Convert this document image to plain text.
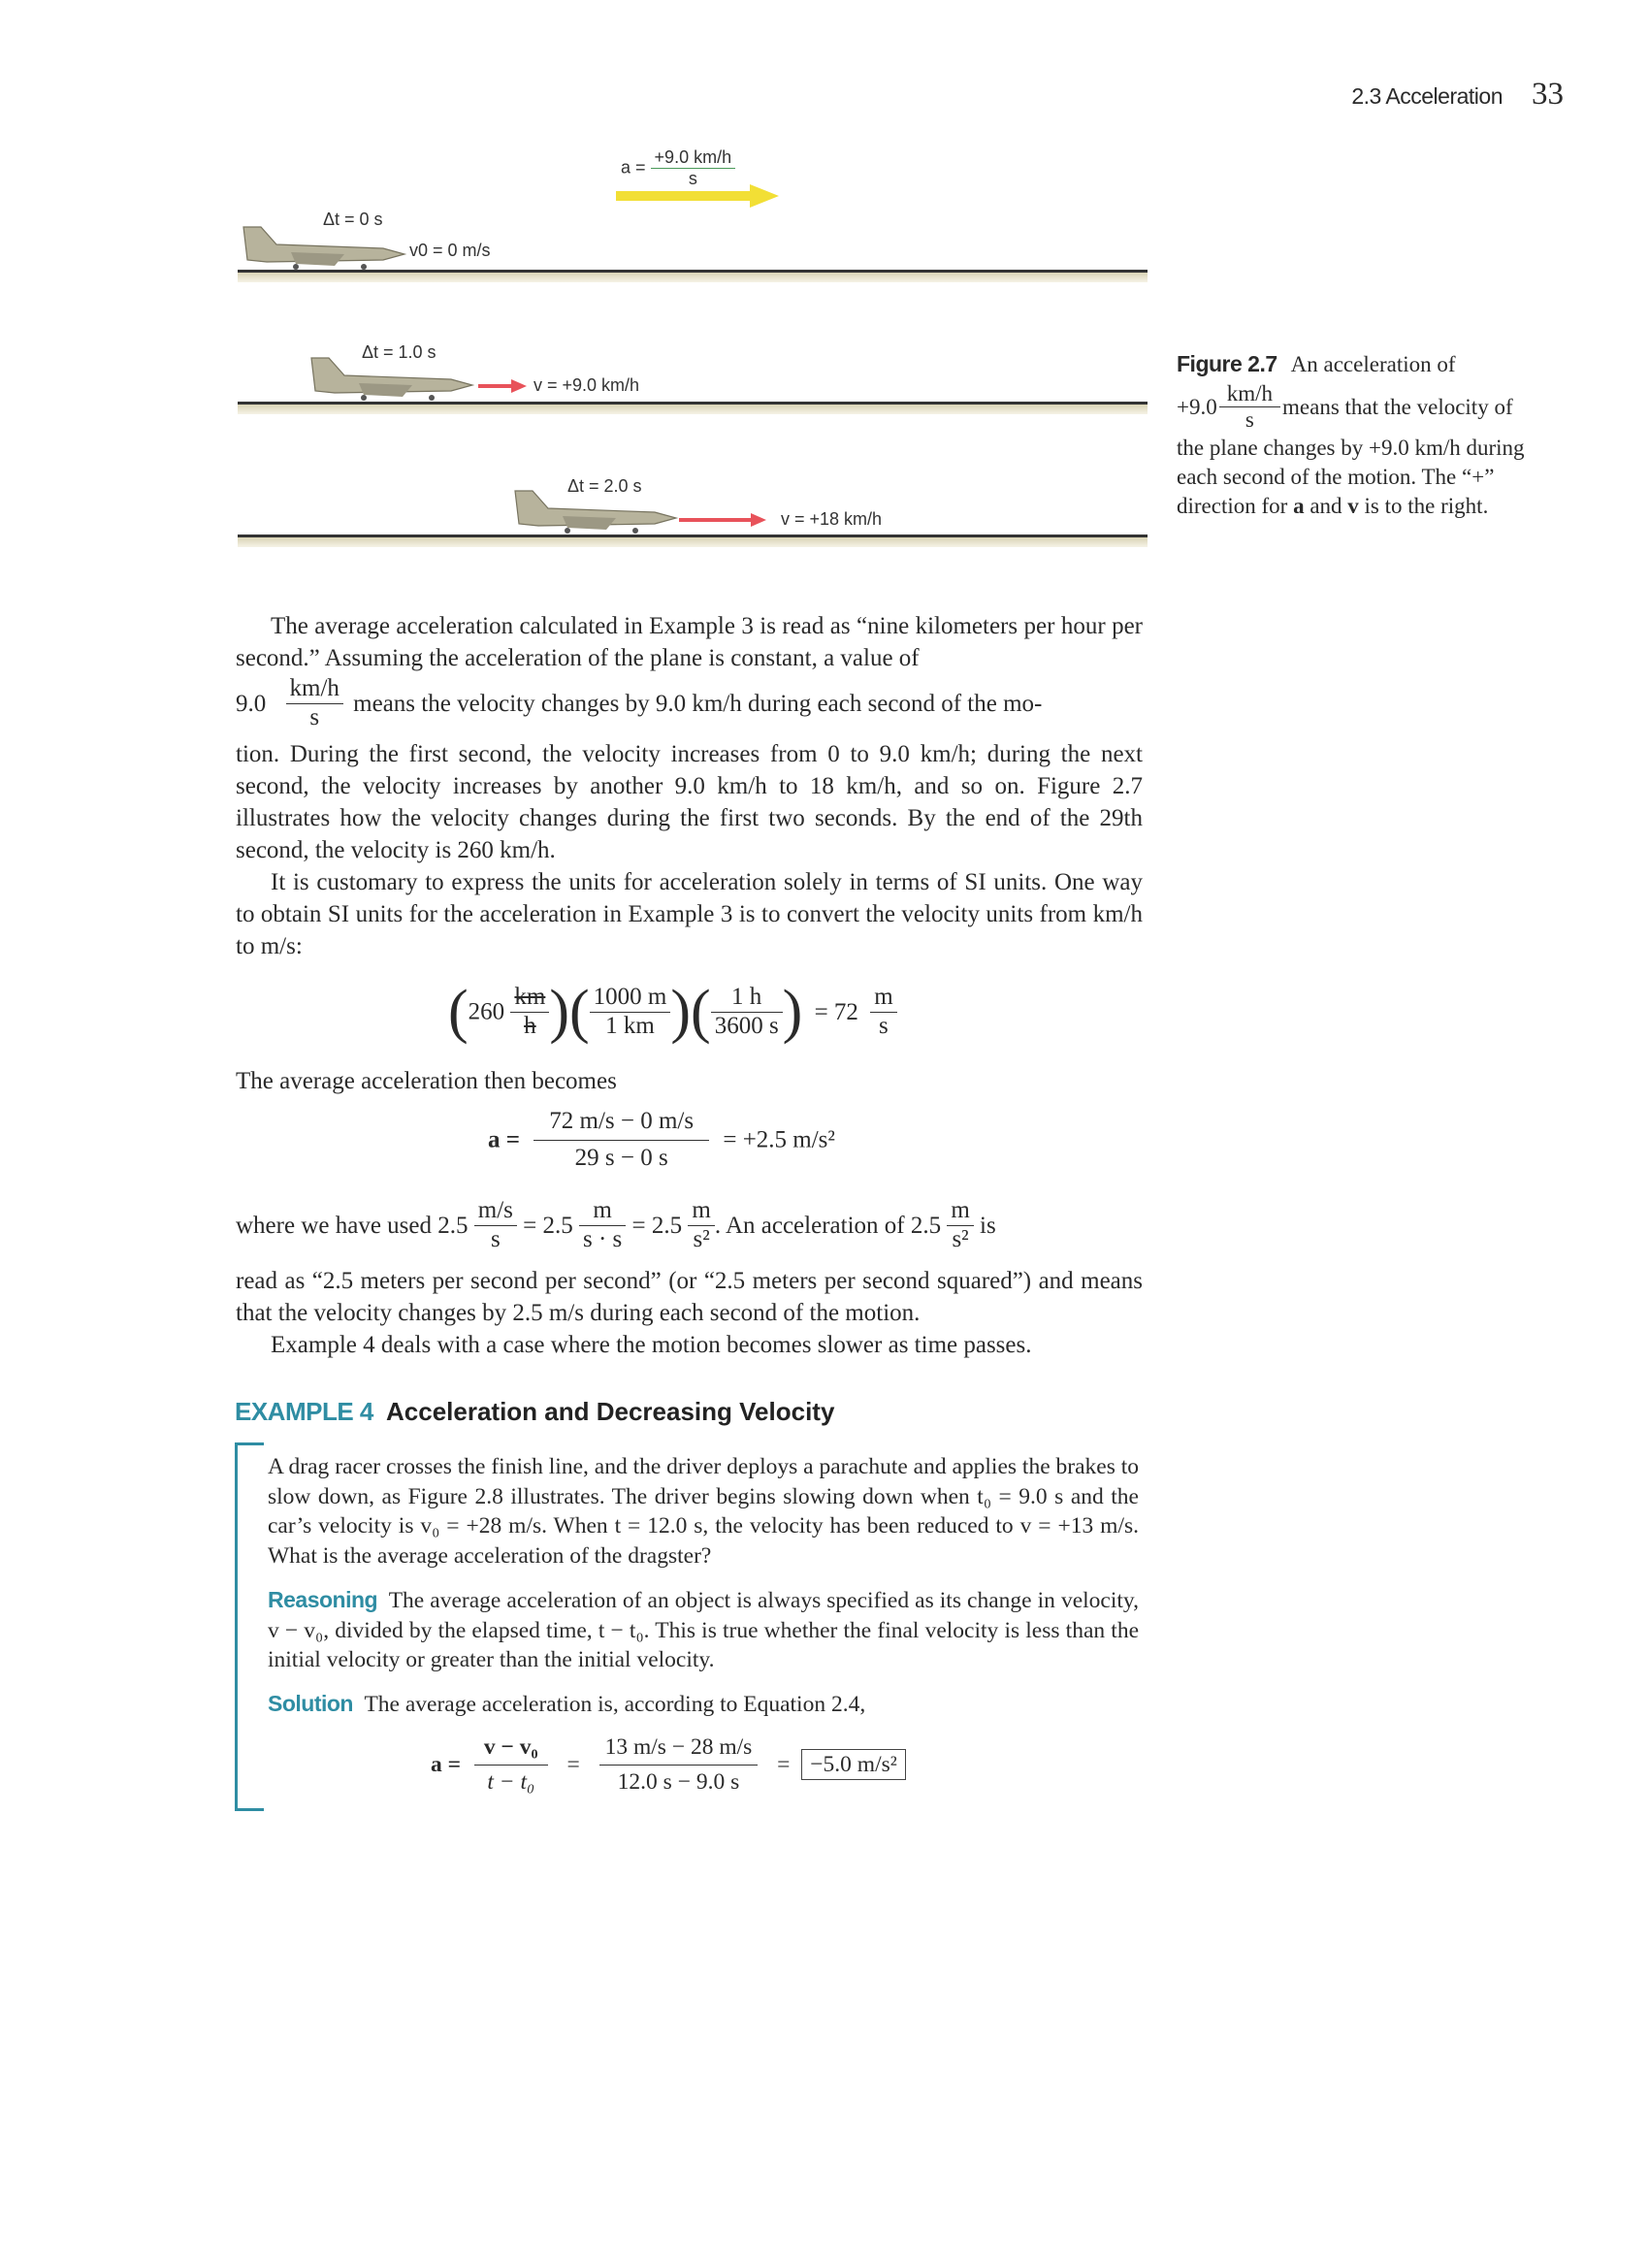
2.3 Acceleration 33
$a = \frac{+9.0 km/h}{s}$
Δt = 0 s
v0 = 0 m/s
Δt = 1.0 s
v = +9.0 km/h
Δt = 2.0 s
v = +18 km/h
Figure 2.7 An acceleration of
$+9.0 \frac{km/h}{s}$ means that the velocity of
the plane changes by +9.0 km/h during each second of the motion. The “+” direction for a and v is to the right.
The average acceleration calculated in Example 3 is read as “nine kilometers per hour per second.” Assuming the acceleration of the plane is constant, a value of
$9.0 \frac{km/h}{s}$ means the velocity changes by 9.0 km/h during each second of the mo-
tion. During the first second, the velocity increases from 0 to 9.0 km/h; during the next second, the velocity increases by another 9.0 km/h to 18 km/h, and so on. Figure 2.7 illustrates how the velocity changes during the first two seconds. By the end of the 29th second, the velocity is 260 km/h.
It is customary to express the units for acceleration solely in terms of SI units. One way to obtain SI units for the acceleration in Example 3 is to convert the velocity units from km/h to m/s:
($260 \frac{km}{h}$ )( $\frac{1000 m}{1 km}$ )( $\frac{1 h}{3600 s}$ ) = $72 \frac{m}{s}$
The average acceleration then becomes
$a = \frac{72 m/s - 0 m/s}{29 s - 0 s} = +2.5$ m/s²
where we have used $2.5 \frac{m/s}{s} = 2.5 \frac{m}{s \cdot s} = 2.5 \frac{m}{\text{s²}}$ . An acceleration of $2.5 \frac{m}{\text{s²}}$ is
read as “2.5 meters per second per second” (or “2.5 meters per second squared”) and means that the velocity changes by 2.5 m/s during each second of the motion.
Example 4 deals with a case where the motion becomes slower as time passes.
EXAMPLE 4 Acceleration and Decreasing Velocity
A drag racer crosses the finish line, and the driver deploys a parachute and applies the brakes to slow down, as Figure 2.8 illustrates. The driver begins slowing down when t₀ = 9.0 s and the car’s velocity is v₀ = +28 m/s. When t = 12.0 s, the velocity has been reduced to v = +13 m/s. What is the average acceleration of the dragster?
Reasoning The average acceleration of an object is always specified as its change in velocity, v − v₀, divided by the elapsed time, t − t₀. This is true whether the final velocity is less than the initial velocity or greater than the initial velocity.
Solution The average acceleration is, according to Equation 2.4,
$a = \frac{\text{v − v₀}}{\text{t − t₀}} = \frac{13 m/s - 28 m/s}{12.0 s - 9.0 s} = -5.0$ m/s²
